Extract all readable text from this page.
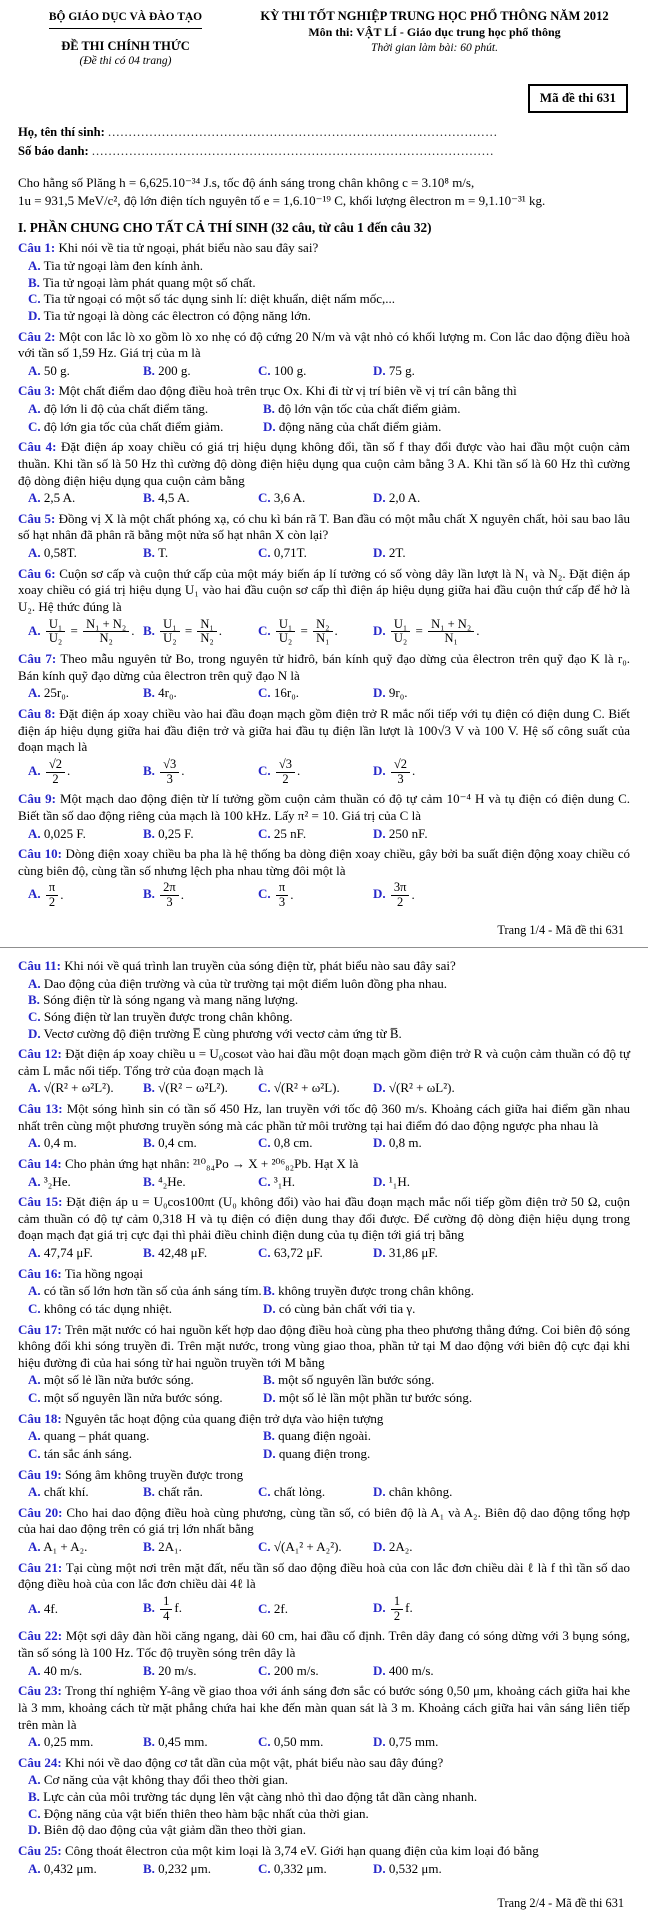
BỘ GIÁO DỤC VÀ ĐÀO TẠO
ĐỀ THI CHÍNH THỨC
(Đề thi có 04 trang)
KỲ THI TỐT NGHIỆP TRUNG HỌC PHỔ THÔNG NĂM 2012
Môn thi: VẬT LÍ - Giáo dục trung học phổ thông
Thời gian làm bài: 60 phút.
Mã đề thi 631

Họ, tên thí sinh: ..............................................................................................

Số báo danh: .................................................................................................

Cho hằng số Plăng h = 6,625.10⁻³⁴ J.s, tốc độ ánh sáng trong chân không c = 3.10⁸ m/s,

1u = 931,5 MeV/c², độ lớn điện tích nguyên tố e = 1,6.10⁻¹⁹ C, khối lượng êlectron m = 9,1.10⁻³¹ kg.

I. PHẦN CHUNG CHO TẤT CẢ THÍ SINH (32 câu, từ câu 1 đến câu 32)

Câu 1: Khi nói về tia tử ngoại, phát biểu nào sau đây sai?

A. Tia tử ngoại làm đen kính ảnh.
B. Tia tử ngoại làm phát quang một số chất.
C. Tia tử ngoại có một số tác dụng sinh lí: diệt khuẩn, diệt nấm mốc,...
D. Tia tử ngoại là dòng các êlectron có động năng lớn.

Câu 2: Một con lắc lò xo gồm lò xo nhẹ có độ cứng 20 N/m và vật nhỏ có khối lượng m. Con lắc dao động điều hoà với tần số 1,59 Hz. Giá trị của m là

A. 50 g.	B. 200 g.	C. 100 g.	D. 75 g.

Câu 3: Một chất điểm dao động điều hoà trên trục Ox. Khi đi từ vị trí biên về vị trí cân bằng thì

A. độ lớn li độ của chất điểm tăng.	B. độ lớn vận tốc của chất điểm giảm.
C. độ lớn gia tốc của chất điểm giảm.	D. động năng của chất điểm giảm.

Câu 4: Đặt điện áp xoay chiều có giá trị hiệu dụng không đổi, tần số f thay đổi được vào hai đầu một cuộn cảm thuần. Khi tần số là 50 Hz thì cường độ dòng điện hiệu dụng qua cuộn cảm bằng 3 A. Khi tần số là 60 Hz thì cường độ dòng điện hiệu dụng qua cuộn cảm bằng

A. 2,5 A.	B. 4,5 A.	C. 3,6 A.	D. 2,0 A.

Câu 5: Đồng vị X là một chất phóng xạ, có chu kì bán rã T. Ban đầu có một mẫu chất X nguyên chất, hỏi sau bao lâu số hạt nhân đã phân rã bằng một nửa số hạt nhân X còn lại?

A. 0,58T.	B. T.	C. 0,71T.	D. 2T.

Câu 6: Cuộn sơ cấp và cuộn thứ cấp của một máy biến áp lí tưởng có số vòng dây lần lượt là N₁ và N₂. Đặt điện áp xoay chiều có giá trị hiệu dụng U₁ vào hai đầu cuộn sơ cấp thì điện áp hiệu dụng giữa hai đầu cuộn thứ cấp để hở là U₂. Hệ thức đúng là

A. $\frac{\text{U₁}}{\text{U₂}} = \frac{\text{N₁ + N₂}}{\text{N₂}}$ . B. $\frac{\text{U₁}}{\text{U₂}} = \frac{\text{N₁}}{\text{N₂}}$ .	C. $\frac{\text{U₁}}{\text{U₂}} = \frac{\text{N₂}}{\text{N₁}}$ .	D. $\frac{\text{U₁}}{\text{U₂}} = \frac{\text{N₁ + N₂}}{\text{N₁}}$ .

Câu 7: Theo mẫu nguyên tử Bo, trong nguyên tử hiđrô, bán kính quỹ đạo dừng của êlectron trên quỹ đạo K là r₀. Bán kính quỹ đạo dừng của êlectron trên quỹ đạo N là

A. 25r₀.	B. 4r₀.	C. 16r₀.	D. 9r₀.

Câu 8: Đặt điện áp xoay chiều vào hai đầu đoạn mạch gồm điện trở R mắc nối tiếp với tụ điện có điện dung C. Biết điện áp hiệu dụng giữa hai đầu điện trở và giữa hai đầu tụ điện lần lượt là 100√3 V và 100 V. Hệ số công suất của đoạn mạch là

A. $\frac{√2}{2}$ .	B. $\frac{√3}{3}$ .	C. $\frac{√3}{2}$ .	D. $\frac{√2}{3}$ .

Câu 9: Một mạch dao động điện từ lí tưởng gồm cuộn cảm thuần có độ tự cảm 10⁻⁴ H và tụ điện có điện dung C. Biết tần số dao động riêng của mạch là 100 kHz. Lấy π² = 10. Giá trị của C là

A. 0,025 F.	B. 0,25 F.	C. 25 nF.	D. 250 nF.

Câu 10: Dòng điện xoay chiều ba pha là hệ thống ba dòng điện xoay chiều, gây bởi ba suất điện động xoay chiều có cùng biên độ, cùng tần số nhưng lệch pha nhau từng đôi một là

A. $\frac{\pi}{2}$ .	B. $\frac{2\pi}{3}$ .	C. $\frac{\pi}{3}$ .	D. $\frac{3\pi}{2}$ .
Trang 1/4 - Mã đề thi 631

Câu 11: Khi nói về quá trình lan truyền của sóng điện từ, phát biểu nào sau đây sai?

A. Dao động của điện trường và của từ trường tại một điểm luôn đồng pha nhau.
B. Sóng điện từ là sóng ngang và mang năng lượng.
C. Sóng điện từ lan truyền được trong chân không.
D. Vectơ cường độ điện trường E̅ cùng phương với vectơ cảm ứng từ B̅.

Câu 12: Đặt điện áp xoay chiều u = U₀cosωt vào hai đầu một đoạn mạch gồm điện trở R và cuộn cảm thuần có độ tự cảm L mắc nối tiếp. Tổng trở của đoạn mạch là

A. √(R² + ω²L²).	B. √(R² − ω²L²).	C. √(R² + ω²L).	D. √(R² + ωL²).

Câu 13: Một sóng hình sin có tần số 450 Hz, lan truyền với tốc độ 360 m/s. Khoảng cách giữa hai điểm gần nhau nhất trên cùng một phương truyền sóng mà các phần tử môi trường tại hai điểm đó dao động ngược pha nhau là

A. 0,4 m.	B. 0,4 cm.	C. 0,8 cm.	D. 0,8 m.

Câu 14: Cho phản ứng hạt nhân: ²¹⁰₈₄Po → X + ²⁰⁶₈₂Pb. Hạt X là

A. ³₂He.	B. ⁴₂He.	C. ³₁H.	D. ¹₁H.

Câu 15: Đặt điện áp u = U₀cos100πt (U₀ không đổi) vào hai đầu đoạn mạch mắc nối tiếp gồm điện trở 50 Ω, cuộn cảm thuần có độ tự cảm 0,318 H và tụ điện có điện dung thay đổi được. Để cường độ dòng điện hiệu dụng trong đoạn mạch đạt giá trị cực đại thì phải điều chỉnh điện dung của tụ điện tới giá trị bằng

A. 47,74 μF.	B. 42,48 μF.	C. 63,72 μF.	D. 31,86 μF.

Câu 16: Tia hồng ngoại

A. có tần số lớn hơn tần số của ánh sáng tím. B. không truyền được trong chân không.
C. không có tác dụng nhiệt.	D. có cùng bản chất với tia γ.

Câu 17: Trên mặt nước có hai nguồn kết hợp dao động điều hoà cùng pha theo phương thẳng đứng. Coi biên độ sóng không đổi khi sóng truyền đi. Trên mặt nước, trong vùng giao thoa, phần tử tại M dao động với biên độ cực đại khi hiệu đường đi của hai sóng từ hai nguồn truyền tới M bằng

A. một số lẻ lần nửa bước sóng.	B. một số nguyên lần bước sóng.
C. một số nguyên lần nửa bước sóng.	D. một số lẻ lần một phần tư bước sóng.

Câu 18: Nguyên tắc hoạt động của quang điện trở dựa vào hiện tượng

A. quang – phát quang.	B. quang điện ngoài.
C. tán sắc ánh sáng.	D. quang điện trong.

Câu 19: Sóng âm không truyền được trong

A. chất khí.	B. chất rắn.	C. chất lỏng.	D. chân không.

Câu 20: Cho hai dao động điều hoà cùng phương, cùng tần số, có biên độ là A₁ và A₂. Biên độ dao động tổng hợp của hai dao động trên có giá trị lớn nhất bằng

A. A₁ + A₂.	B. 2A₁.	C. √(A₁² + A₂²).	D. 2A₂.

Câu 21: Tại cùng một nơi trên mặt đất, nếu tần số dao động điều hoà của con lắc đơn chiều dài ℓ là f thì tần số dao động điều hoà của con lắc đơn chiều dài 4ℓ là

A. 4f.	B. $\frac{1}{4} f$.	C. 2f.	D. $\frac{1}{2} f$.

Câu 22: Một sợi dây đàn hồi căng ngang, dài 60 cm, hai đầu cố định. Trên dây đang có sóng dừng với 3 bụng sóng, tần số sóng là 100 Hz. Tốc độ truyền sóng trên dây là

A. 40 m/s.	B. 20 m/s.	C. 200 m/s.	D. 400 m/s.

Câu 23: Trong thí nghiệm Y-âng về giao thoa với ánh sáng đơn sắc có bước sóng 0,50 μm, khoảng cách giữa hai khe là 3 mm, khoảng cách từ mặt phẳng chứa hai khe đến màn quan sát là 3 m. Khoảng cách giữa hai vân sáng liên tiếp trên màn là

A. 0,25 mm.	B. 0,45 mm.	C. 0,50 mm.	D. 0,75 mm.

Câu 24: Khi nói về dao động cơ tắt dần của một vật, phát biểu nào sau đây đúng?

A. Cơ năng của vật không thay đổi theo thời gian.
B. Lực cản của môi trường tác dụng lên vật càng nhỏ thì dao động tắt dần càng nhanh.
C. Động năng của vật biến thiên theo hàm bậc nhất của thời gian.
D. Biên độ dao động của vật giảm dần theo thời gian.

Câu 25: Công thoát êlectron của một kim loại là 3,74 eV. Giới hạn quang điện của kim loại đó bằng

A. 0,432 μm.	B. 0,232 μm.	C. 0,332 μm.	D. 0,532 μm.
Trang 2/4 - Mã đề thi 631
